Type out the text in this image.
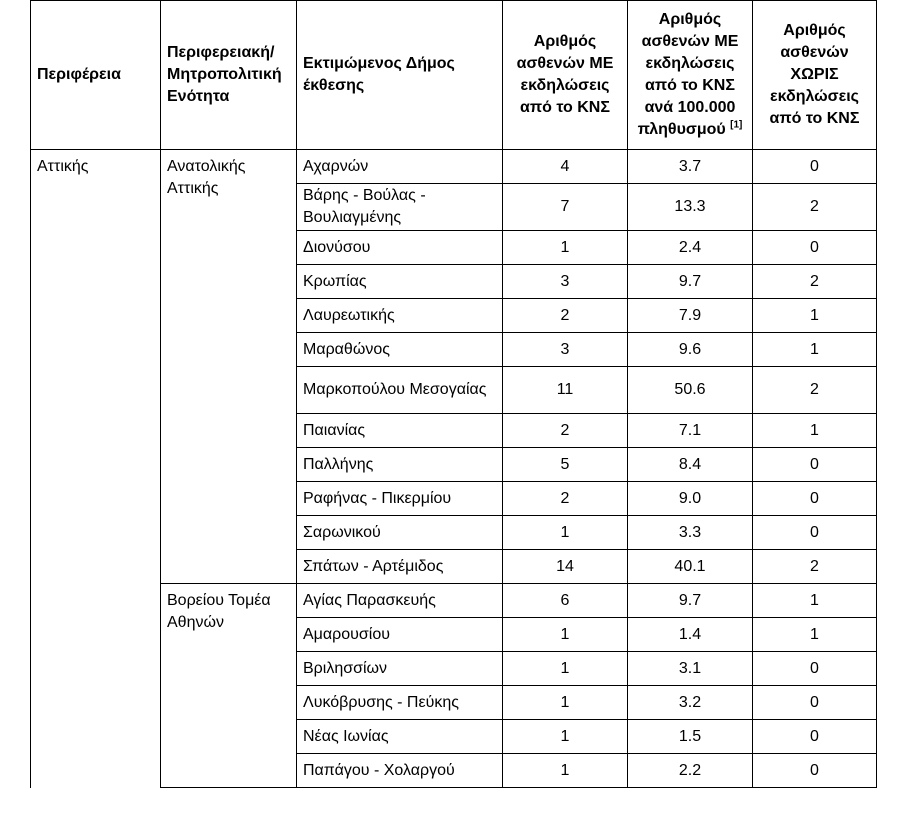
Περιφέρεια	Περιφερειακή/
Μητροπολιτική
Ενότητα	Εκτιμώμενος Δήμος έκθεσης	Αριθμός ασθενών ΜΕ εκδηλώσεις από το ΚΝΣ	Αριθμός ασθενών ΜΕ εκδηλώσεις από το ΚΝΣ ανά 100.000 πληθυσμού [1]	Αριθμός ασθενών ΧΩΡΙΣ εκδηλώσεις από το ΚΝΣ
Αττικής	Ανατολικής Αττικής	Αχαρνών	4	3.7	0
		Βάρης - Βούλας - Βουλιαγμένης	7	13.3	2
		Διονύσου	1	2.4	0
		Κρωπίας	3	9.7	2
		Λαυρεωτικής	2	7.9	1
		Μαραθώνος	3	9.6	1
		Μαρκοπούλου Μεσογαίας	11	50.6	2
		Παιανίας	2	7.1	1
		Παλλήνης	5	8.4	0
		Ραφήνας - Πικερμίου	2	9.0	0
		Σαρωνικού	1	3.3	0
		Σπάτων - Αρτέμιδος	14	40.1	2
	Βορείου Τομέα Αθηνών	Αγίας Παρασκευής	6	9.7	1
		Αμαρουσίου	1	1.4	1
		Βριλησσίων	1	3.1	0
		Λυκόβρυσης - Πεύκης	1	3.2	0
		Νέας Ιωνίας	1	1.5	0
		Παπάγου - Χολαργού	1	2.2	0
